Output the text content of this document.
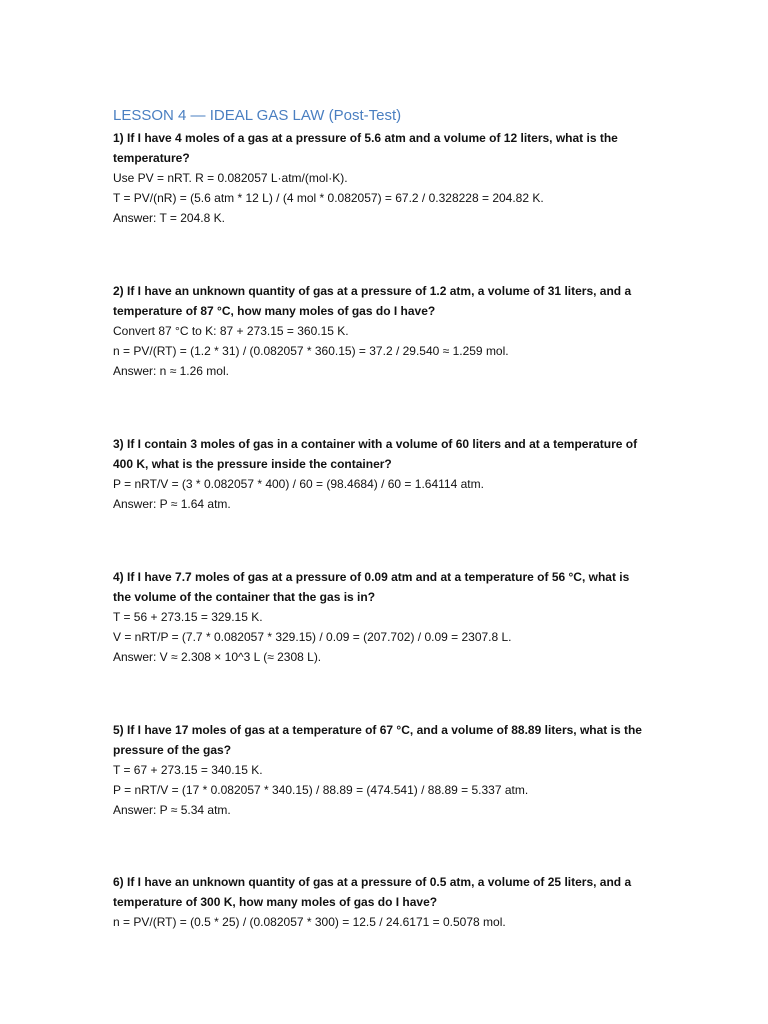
LESSON 4 — IDEAL GAS LAW (Post-Test)

1) If I have 4 moles of a gas at a pressure of 5.6 atm and a volume of 12 liters, what is the

temperature?

Use PV = nRT. R = 0.082057 L·atm/(mol·K).

T = PV/(nR) = (5.6 atm * 12 L) / (4 mol * 0.082057) = 67.2 / 0.328228 = 204.82 K.

Answer: T = 204.8 K.

2) If I have an unknown quantity of gas at a pressure of 1.2 atm, a volume of 31 liters, and a

temperature of 87 °C, how many moles of gas do I have?

Convert 87 °C to K: 87 + 273.15 = 360.15 K.

n = PV/(RT) = (1.2 * 31) / (0.082057 * 360.15) = 37.2 / 29.540 ≈ 1.259 mol.

Answer: n ≈ 1.26 mol.

3) If I contain 3 moles of gas in a container with a volume of 60 liters and at a temperature of

400 K, what is the pressure inside the container?

P = nRT/V = (3 * 0.082057 * 400) / 60 = (98.4684) / 60 = 1.64114 atm.

Answer: P ≈ 1.64 atm.

4) If I have 7.7 moles of gas at a pressure of 0.09 atm and at a temperature of 56 °C, what is

the volume of the container that the gas is in?

T = 56 + 273.15 = 329.15 K.

V = nRT/P = (7.7 * 0.082057 * 329.15) / 0.09 = (207.702) / 0.09 = 2307.8 L.

Answer: V ≈ 2.308 × 10^3 L (≈ 2308 L).

5) If I have 17 moles of gas at a temperature of 67 °C, and a volume of 88.89 liters, what is the

pressure of the gas?

T = 67 + 273.15 = 340.15 K.

P = nRT/V = (17 * 0.082057 * 340.15) / 88.89 = (474.541) / 88.89 = 5.337 atm.

Answer: P ≈ 5.34 atm.

6) If I have an unknown quantity of gas at a pressure of 0.5 atm, a volume of 25 liters, and a

temperature of 300 K, how many moles of gas do I have?

n = PV/(RT) = (0.5 * 25) / (0.082057 * 300) = 12.5 / 24.6171 = 0.5078 mol.
